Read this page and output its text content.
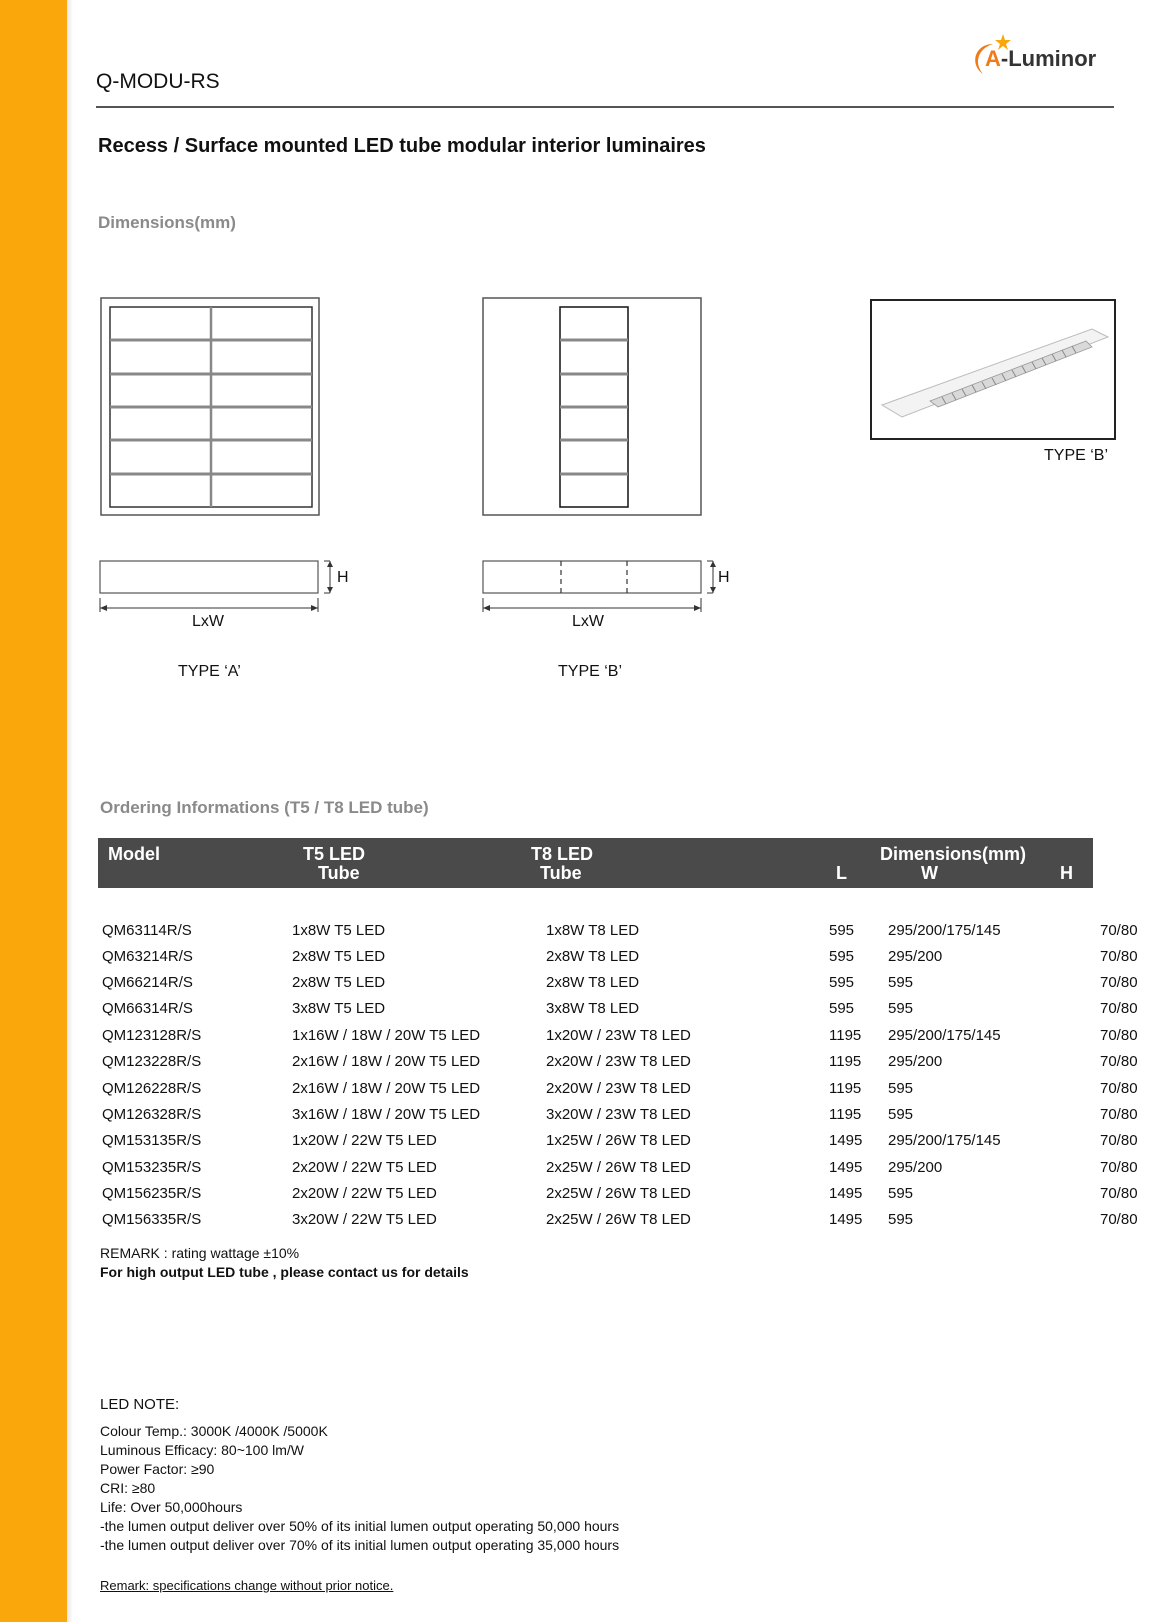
Q-MODU-RS
A-Luminor
Recess / Surface mounted LED tube modular interior luminaires
Dimensions(mm)
TYPE ‘B’
H
LxW
H
LxW
TYPE ‘A’	TYPE ‘B’
Ordering Informations (T5 / T8 LED tube)
Model	T5 LED
Tube
T8 LED
Tube
Dimensions(mm)
L	W	H
QM63114R/S	1x8W T5 LED	1x8W T8 LED	595 295/200/175/145	70/80
QM63214R/S	2x8W T5 LED	2x8W T8 LED	595 295/200	70/80
QM66214R/S	2x8W T5 LED	2x8W T8 LED	595 595	70/80
QM66314R/S	3x8W T5 LED	3x8W T8 LED	595 595	70/80
QM123128R/S	1x16W / 18W / 20W T5 LED	1x20W / 23W T8 LED	1195 295/200/175/145	70/80
QM123228R/S	2x16W / 18W / 20W T5 LED	2x20W / 23W T8 LED	1195 295/200	70/80
QM126228R/S	2x16W / 18W / 20W T5 LED	2x20W / 23W T8 LED	1195 595	70/80
QM126328R/S	3x16W / 18W / 20W T5 LED	3x20W / 23W T8 LED	1195 595	70/80
QM153135R/S	1x20W / 22W T5 LED	1x25W / 26W T8 LED	1495 295/200/175/145	70/80
QM153235R/S	2x20W / 22W T5 LED	2x25W / 26W T8 LED	1495 295/200	70/80
QM156235R/S	2x20W / 22W T5 LED	2x25W / 26W T8 LED	1495 595	70/80
QM156335R/S	3x20W / 22W T5 LED	2x25W / 26W T8 LED	1495 595	70/80
REMARK : rating wattage ±10%
For high output LED tube , please contact us for details
LED NOTE:
Colour Temp.: 3000K /4000K /5000K
Luminous Efficacy: 80~100 lm/W
Power Factor: ≥90
CRI: ≥80
Life: Over 50,000hours
-the lumen output deliver over 50% of its initial lumen output operating 50,000 hours
-the lumen output deliver over 70% of its initial lumen output operating 35,000 hours
Remark: specifications change without prior notice.
